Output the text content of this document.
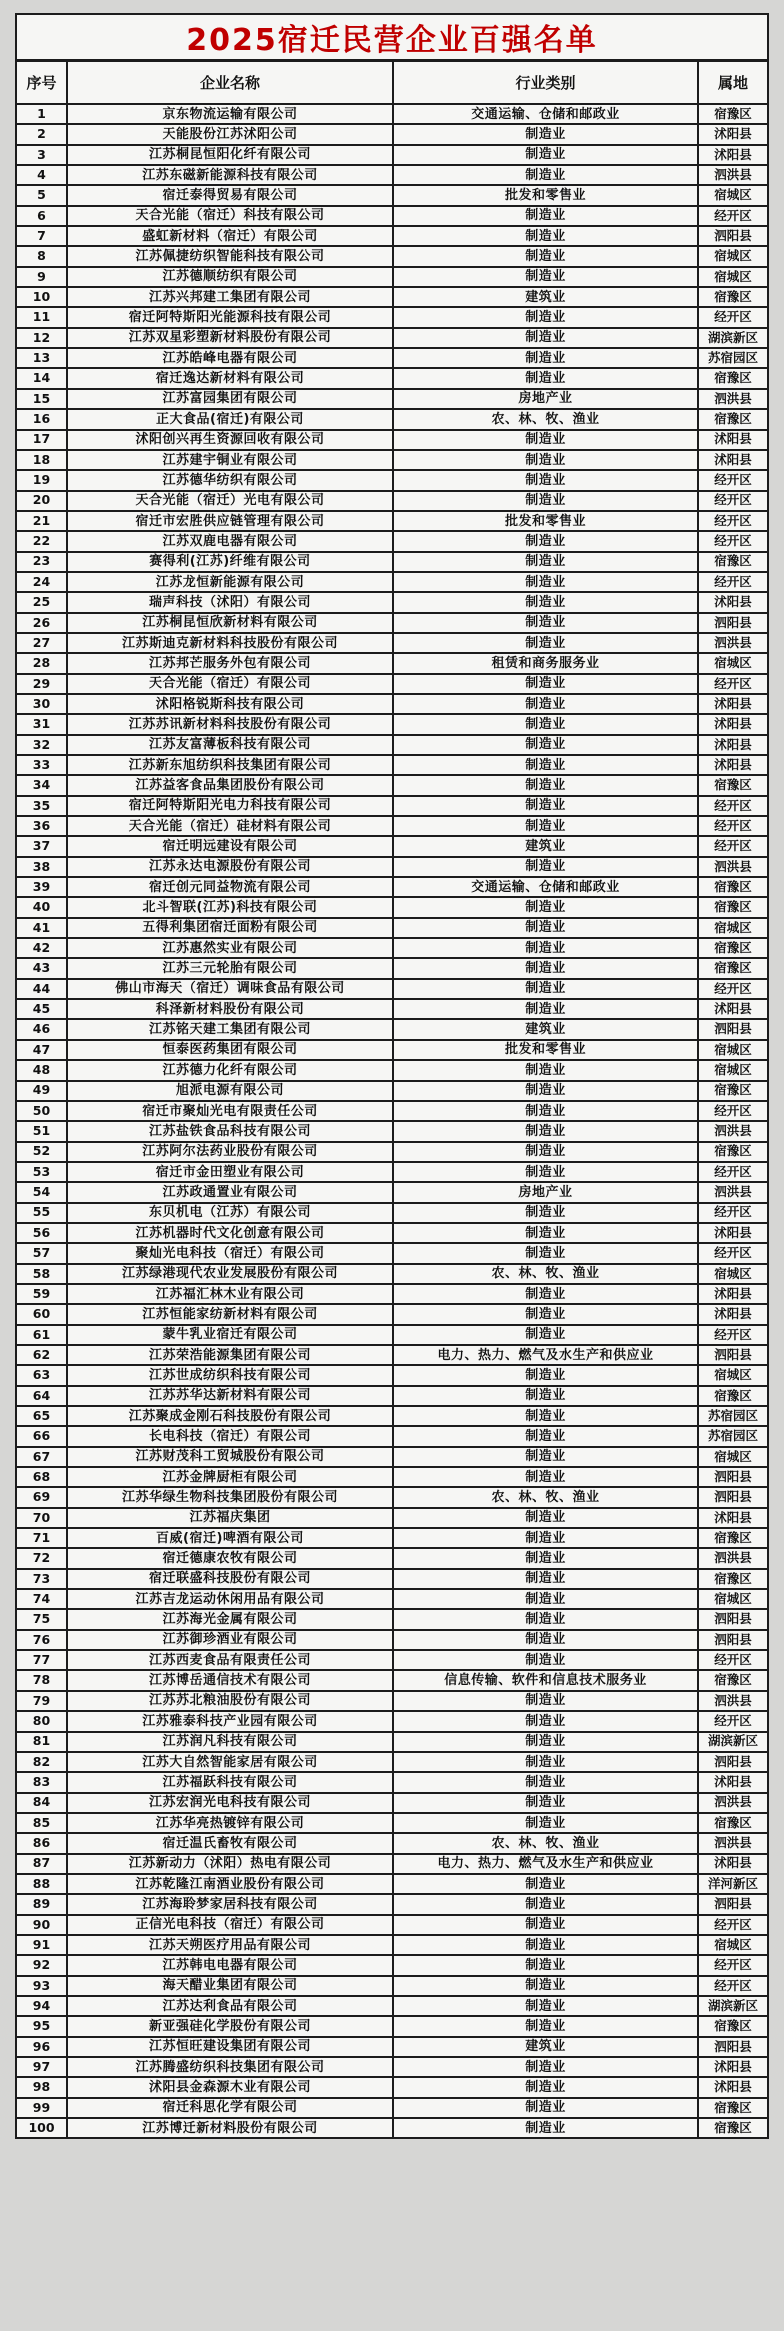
2025宿迁民营企业百强名单			
序号	企业名称	行业类别	属地
1	京东物流运输有限公司	交通运输、仓储和邮政业	宿豫区
2	天能股份江苏沭阳公司	制造业	沭阳县
3	江苏桐昆恒阳化纤有限公司	制造业	沭阳县
4	江苏东磁新能源科技有限公司	制造业	泗洪县
5	宿迁泰得贸易有限公司	批发和零售业	宿城区
6	天合光能（宿迁）科技有限公司	制造业	经开区
7	盛虹新材料（宿迁）有限公司	制造业	泗阳县
8	江苏佩捷纺织智能科技有限公司	制造业	宿城区
9	江苏德顺纺织有限公司	制造业	宿城区
10	江苏兴邦建工集团有限公司	建筑业	宿豫区
11	宿迁阿特斯阳光能源科技有限公司	制造业	经开区
12	江苏双星彩塑新材料股份有限公司	制造业	湖滨新区
13	江苏皓峰电器有限公司	制造业	苏宿园区
14	宿迁逸达新材料有限公司	制造业	宿豫区
15	江苏富园集团有限公司	房地产业	泗洪县
16	正大食品(宿迁)有限公司	农、林、牧、渔业	宿豫区
17	沭阳创兴再生资源回收有限公司	制造业	沭阳县
18	江苏建宇铜业有限公司	制造业	沭阳县
19	江苏德华纺织有限公司	制造业	经开区
20	天合光能（宿迁）光电有限公司	制造业	经开区
21	宿迁市宏胜供应链管理有限公司	批发和零售业	经开区
22	江苏双鹿电器有限公司	制造业	经开区
23	赛得利(江苏)纤维有限公司	制造业	宿豫区
24	江苏龙恒新能源有限公司	制造业	经开区
25	瑞声科技（沭阳）有限公司	制造业	沭阳县
26	江苏桐昆恒欣新材料有限公司	制造业	泗阳县
27	江苏斯迪克新材料科技股份有限公司	制造业	泗洪县
28	江苏邦芒服务外包有限公司	租赁和商务服务业	宿城区
29	天合光能（宿迁）有限公司	制造业	经开区
30	沭阳格锐斯科技有限公司	制造业	沭阳县
31	江苏苏讯新材料科技股份有限公司	制造业	沭阳县
32	江苏友富薄板科技有限公司	制造业	沭阳县
33	江苏新东旭纺织科技集团有限公司	制造业	沭阳县
34	江苏益客食品集团股份有限公司	制造业	宿豫区
35	宿迁阿特斯阳光电力科技有限公司	制造业	经开区
36	天合光能（宿迁）硅材料有限公司	制造业	经开区
37	宿迁明远建设有限公司	建筑业	经开区
38	江苏永达电源股份有限公司	制造业	泗洪县
39	宿迁创元同益物流有限公司	交通运输、仓储和邮政业	宿豫区
40	北斗智联(江苏)科技有限公司	制造业	宿豫区
41	五得利集团宿迁面粉有限公司	制造业	宿城区
42	江苏惠然实业有限公司	制造业	宿豫区
43	江苏三元轮胎有限公司	制造业	宿豫区
44	佛山市海天（宿迁）调味食品有限公司	制造业	经开区
45	科泽新材料股份有限公司	制造业	沭阳县
46	江苏铭天建工集团有限公司	建筑业	泗阳县
47	恒泰医药集团有限公司	批发和零售业	宿城区
48	江苏德力化纤有限公司	制造业	宿城区
49	旭派电源有限公司	制造业	宿豫区
50	宿迁市聚灿光电有限责任公司	制造业	经开区
51	江苏盐铁食品科技有限公司	制造业	泗洪县
52	江苏阿尔法药业股份有限公司	制造业	宿豫区
53	宿迁市金田塑业有限公司	制造业	经开区
54	江苏政通置业有限公司	房地产业	泗洪县
55	东贝机电（江苏）有限公司	制造业	经开区
56	江苏机器时代文化创意有限公司	制造业	沭阳县
57	聚灿光电科技（宿迁）有限公司	制造业	经开区
58	江苏绿港现代农业发展股份有限公司	农、林、牧、渔业	宿城区
59	江苏福汇林木业有限公司	制造业	沭阳县
60	江苏恒能家纺新材料有限公司	制造业	沭阳县
61	蒙牛乳业宿迁有限公司	制造业	经开区
62	江苏荣浩能源集团有限公司	电力、热力、燃气及水生产和供应业	泗阳县
63	江苏世成纺织科技有限公司	制造业	宿城区
64	江苏苏华达新材料有限公司	制造业	宿豫区
65	江苏聚成金刚石科技股份有限公司	制造业	苏宿园区
66	长电科技（宿迁）有限公司	制造业	苏宿园区
67	江苏财茂科工贸城股份有限公司	制造业	宿城区
68	江苏金牌厨柜有限公司	制造业	泗阳县
69	江苏华绿生物科技集团股份有限公司	农、林、牧、渔业	泗阳县
70	江苏福庆集团	制造业	沭阳县
71	百威(宿迁)啤酒有限公司	制造业	宿豫区
72	宿迁德康农牧有限公司	制造业	泗洪县
73	宿迁联盛科技股份有限公司	制造业	宿豫区
74	江苏吉龙运动休闲用品有限公司	制造业	宿城区
75	江苏海光金属有限公司	制造业	泗阳县
76	江苏御珍酒业有限公司	制造业	泗阳县
77	江苏西麦食品有限责任公司	制造业	经开区
78	江苏博岳通信技术有限公司	信息传输、软件和信息技术服务业	宿豫区
79	江苏苏北粮油股份有限公司	制造业	泗洪县
80	江苏雅泰科技产业园有限公司	制造业	经开区
81	江苏润凡科技有限公司	制造业	湖滨新区
82	江苏大自然智能家居有限公司	制造业	泗阳县
83	江苏福跃科技有限公司	制造业	沭阳县
84	江苏宏润光电科技有限公司	制造业	泗洪县
85	江苏华亮热镀锌有限公司	制造业	宿豫区
86	宿迁温氏畜牧有限公司	农、林、牧、渔业	泗洪县
87	江苏新动力（沭阳）热电有限公司	电力、热力、燃气及水生产和供应业	沭阳县
88	江苏乾隆江南酒业股份有限公司	制造业	洋河新区
89	江苏海聆梦家居科技有限公司	制造业	泗阳县
90	正信光电科技（宿迁）有限公司	制造业	经开区
91	江苏天朔医疗用品有限公司	制造业	宿城区
92	江苏韩电电器有限公司	制造业	经开区
93	海天醋业集团有限公司	制造业	经开区
94	江苏达利食品有限公司	制造业	湖滨新区
95	新亚强硅化学股份有限公司	制造业	宿豫区
96	江苏恒旺建设集团有限公司	建筑业	泗阳县
97	江苏腾盛纺织科技集团有限公司	制造业	沭阳县
98	沭阳县金森源木业有限公司	制造业	沭阳县
99	宿迁科思化学有限公司	制造业	宿豫区
100	江苏博迁新材料股份有限公司	制造业	宿豫区
